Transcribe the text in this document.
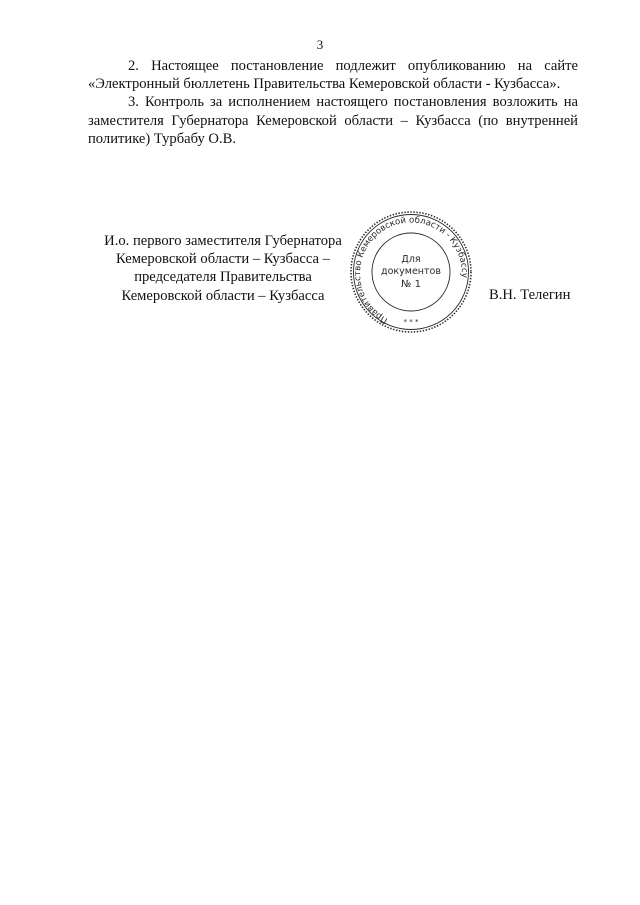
3

2. Настоящее постановление подлежит опубликованию на сайте «Электронный бюллетень Правительства Кемеровской области - Кузбасса».

3. Контроль за исполнением настоящего постановления возложить на заместителя Губернатора Кемеровской области – Кузбасса (по внутренней политике) Турбабу О.В.

И.о. первого заместителя Губернатора
Кемеровской области – Кузбасса –
председателя Правительства
Кемеровской области – Кузбасса
Правительство Кемеровской области - Кузбассу
* * *
Для
документов
№ 1
В.Н. Телегин
